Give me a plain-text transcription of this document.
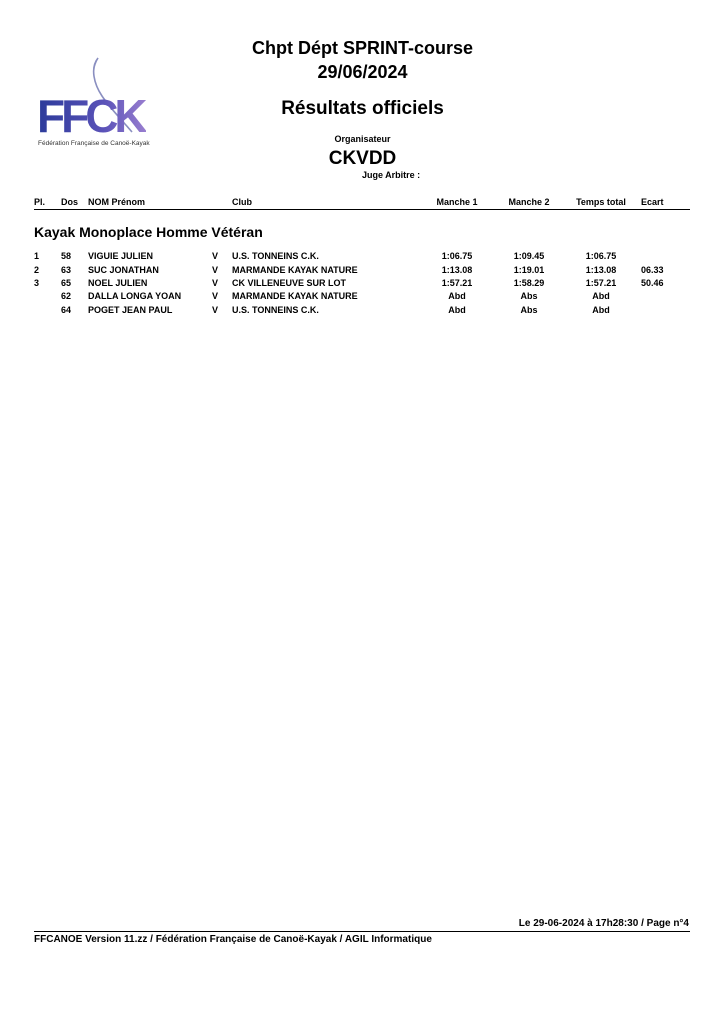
Chpt Dépt SPRINT-course
29/06/2024
Résultats officiels
FFCK
Fédération Française de Canoë-Kayak	Organisateur
CKVDD
Juge Arbitre :
Pl. Dos NOM Prénom	Club	Manche 1	Manche 2	Temps total	Ecart
Kayak Monoplace Homme Vétéran
1 58 VIGUIE JULIEN	V U.S. TONNEINS C.K.	1:06.75	1:09.45	1:06.75
2 63 SUC JONATHAN	V MARMANDE KAYAK NATURE	1:13.08	1:19.01	1:13.08	06.33
3 65 NOEL JULIEN	V CK VILLENEUVE SUR LOT	1:57.21	1:58.29	1:57.21	50.46
62 DALLA LONGA YOAN	V MARMANDE KAYAK NATURE	Abd	Abs	Abd
64 POGET JEAN PAUL	V U.S. TONNEINS C.K.	Abd	Abs	Abd
Le 29-06-2024 à 17h28:30 / Page n°4
FFCANOE Version 11.zz / Fédération Française de Canoë-Kayak / AGIL Informatique
